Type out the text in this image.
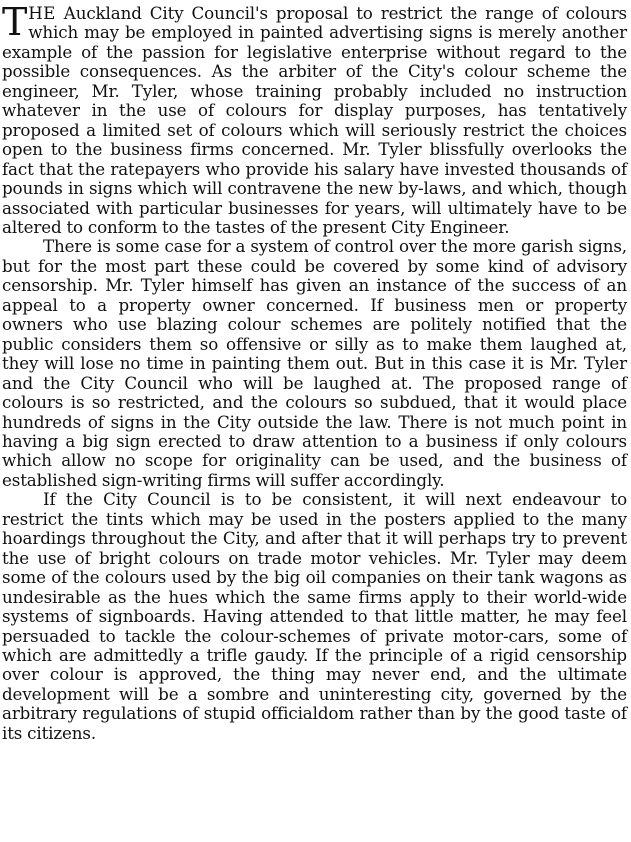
THE Auckland City Council's proposal to restrict the range of colours which may be employed in painted advertising signs is merely another example of the passion for legislative enterprise without regard to the possible consequences. As the arbiter of the City's colour scheme the engineer, Mr. Tyler, whose training probably included no instruction whatever in the use of colours for display purposes, has tentatively proposed a limited set of colours which will seriously restrict the choices open to the business firms concerned. Mr. Tyler blissfully overlooks the fact that the ratepayers who provide his salary have invested thousands of pounds in signs which will contravene the new by-laws, and which, though associated with particular businesses for years, will ultimately have to be altered to conform to the tastes of the present City Engineer.

There is some case for a system of control over the more garish signs, but for the most part these could be covered by some kind of advisory censorship. Mr. Tyler himself has given an instance of the success of an appeal to a property owner concerned. If business men or property owners who use blazing colour schemes are politely notified that the public considers them so offensive or silly as to make them laughed at, they will lose no time in painting them out. But in this case it is Mr. Tyler and the City Council who will be laughed at. The proposed range of colours is so restricted, and the colours so subdued, that it would place hundreds of signs in the City outside the law. There is not much point in having a big sign erected to draw attention to a business if only colours which allow no scope for originality can be used, and the business of established sign-writing firms will suffer accordingly.

If the City Council is to be consistent, it will next endeavour to restrict the tints which may be used in the posters applied to the many hoardings throughout the City, and after that it will perhaps try to prevent the use of bright colours on trade motor vehicles. Mr. Tyler may deem some of the colours used by the big oil companies on their tank wagons as undesirable as the hues which the same firms apply to their world-wide systems of signboards. Having attended to that little matter, he may feel persuaded to tackle the colour-schemes of private motor-cars, some of which are admittedly a trifle gaudy. If the principle of a rigid censorship over colour is approved, the thing may never end, and the ultimate development will be a sombre and uninteresting city, governed by the arbitrary regulations of stupid officialdom rather than by the good taste of its citizens.
